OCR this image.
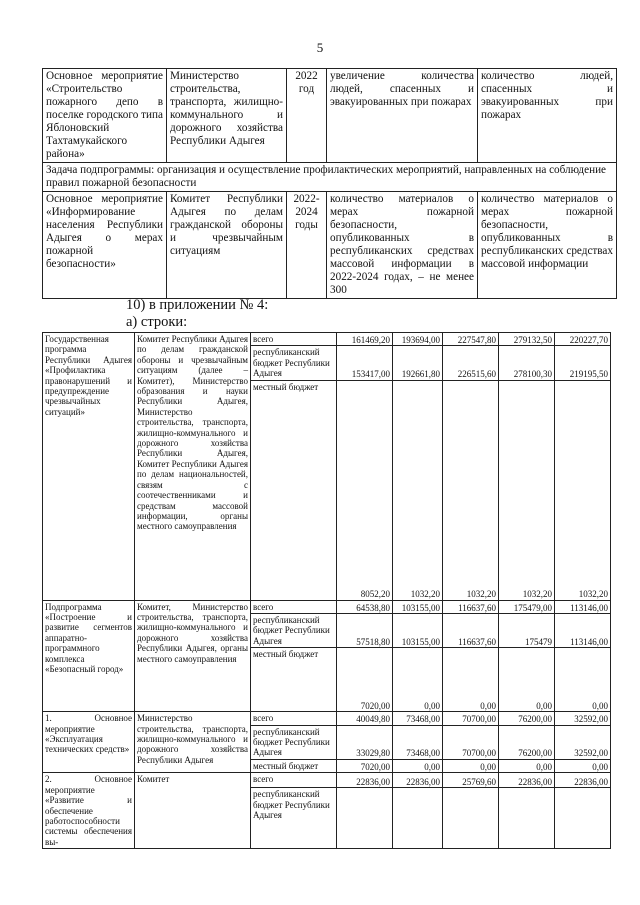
5
Основное мероприятие «Строительство пожарного депо в поселке городского типа Яблоновский Тахтамукайского района»	Министерство строительства, транспорта, жилищно-коммунального и дорожного хозяйства Республики Адыгея	2022 год	увеличение количества людей, спасенных и эвакуированных при пожарах	количество людей, спасенных и эвакуированных при пожарах
Задача подпрограммы: организация и осуществление профилактических мероприятий, направленных на соблюдение правил пожарной безопасности				
Основное мероприятие «Информирование населения Республики Адыгея о мерах пожарной безопасности»	Комитет Республики Адыгея по делам гражданской обороны и чрезвычайным ситуациям	2022-2024 годы	количество материалов о мерах пожарной безопасности, опубликованных в республиканских средствах массовой информации в 2022-2024 годах, – не менее 300	количество материалов о мерах пожарной безопасности, опубликованных в республиканских средствах массовой информации
10) в приложении № 4:
а) строки:
Государственная программа Республики Адыгея «Профилактика правонарушений и предупреждение чрезвычайных ситуаций»	Комитет Республики Адыгея по делам гражданской обороны и чрезвычайным ситуациям (далее – Комитет), Министерство образования и науки Республики Адыгея, Министерство строительства, транспорта, жилищно-коммунального и дорожного хозяйства Республики Адыгея, Комитет Республики Адыгея по делам национальностей, связям с соотечественниками и средствам массовой информации, органы местного самоуправления	всего	161469,20	193694,00	227547,80	279132,50	220227,70
		республиканский бюджет Республики Адыгея	153417,00	192661,80	226515,60	278100,30	219195,50
		местный бюджет	8052,20	1032,20	1032,20	1032,20	1032,20
Подпрограмма «Построение и развитие сегментов аппаратно-программного комплекса «Безопасный город»	Комитет, Министерство строительства, транспорта, жилищно-коммунального и дорожного хозяйства Республики Адыгея, органы местного самоуправления	всего	64538,80	103155,00	116637,60	175479,00	113146,00
		республиканский бюджет Республики Адыгея	57518,80	103155,00	116637,60	175479	113146,00
		местный бюджет	7020,00	0,00	0,00	0,00	0,00
1. Основное мероприятие «Эксплуатация технических средств»	Министерство строительства, транспорта, жилищно-коммунального и дорожного хозяйства Республики Адыгея	всего	40049,80	73468,00	70700,00	76200,00	32592,00
		республиканский бюджет Республики Адыгея	33029,80	73468,00	70700,00	76200,00	32592,00
		местный бюджет	7020,00	0,00	0,00	0,00	0,00
2. Основное мероприятие «Развитие и обеспечение работоспособности системы обеспечения вы-	Комитет	всего	22836,00	22836,00	25769,60	22836,00	22836,00
		республиканский бюджет Республики Адыгея					
